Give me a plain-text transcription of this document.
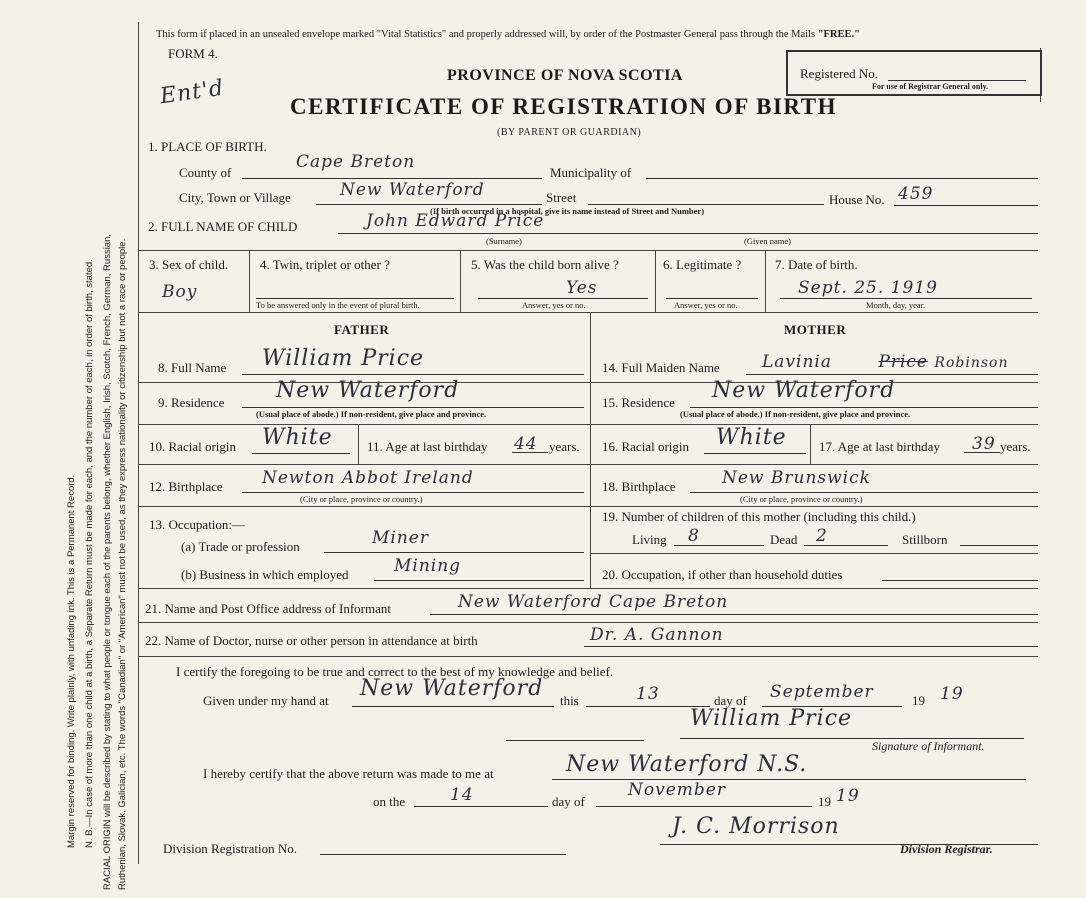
Margin reserved for binding. Write plainly, with unfading ink. This is a Permanent Record. N. B.—In case of more than one child at a birth, a Separate Return must be made for each, and the number of each, in order of birth, stated. RACIAL ORIGIN will be described by stating to what people or tongue each of the parents belong, whether English, Irish, Scotch, French, German, Russian, Ruthenian, Slovak, Galician, etc. The words "Canadian" or "American" must not be used, as they express nationality or citizenship but not a race or people.
This form if placed in an unsealed envelope marked "Vital Statistics" and properly addressed will, by order of the Postmaster General pass through the Mails "FREE."
FORM 4.
Ent'd
PROVINCE OF NOVA SCOTIA
CERTIFICATE OF REGISTRATION OF BIRTH
(BY PARENT OR GUARDIAN)
Registered No.
For use of Registrar General only.
1. PLACE OF BIRTH.
County of
Cape Breton
Municipality of
City, Town or Village	New Waterford	Street
(If birth occurred in a hospital, give its name instead of Street and Number)
House No. 459
2. FULL NAME OF CHILD	John Edward Price
(Surname)	(Given name)
3. Sex of child.
Boy
4. Twin, triplet or other ?
To be answered only in the event of plural birth.
5. Was the child born alive ?
Yes
Answer, yes or no.
6. Legitimate ?
Answer, yes or no.
7. Date of birth.
Sept. 25. 1919
Month, day, year.
FATHER	MOTHER
8. Full Name William Price
9. Residence New Waterford
(Usual place of abode.) If non-resident, give place and province.
10. Racial origin White	11. Age at last birthday 44 years.
12. Birthplace Newton Abbot Ireland
(City or place, province or country.)
13. Occupation:—
(a) Trade or profession	Miner
(b) Business in which employed	Mining
14. Full Maiden Name Lavinia	Price Robinson
15. Residence New Waterford
(Usual place of abode.) If non-resident, give place and province.
16. Racial origin White 17. Age at last birthday 39 years.
18. Birthplace	New Brunswick
(City or place, province or country.)
19. Number of children of this mother (including this child.)
Living 8	Dead 2	Stillborn
20. Occupation, if other than household duties
21. Name and Post Office address of Informant	New Waterford Cape Breton
22. Name of Doctor, nurse or other person in attendance at birth	Dr. A. Gannon
I certify the foregoing to be true and correct to the best of my knowledge and belief.
Given under my hand at New Waterford this	13	day of September	19 19
William Price
Signature of Informant.
I hereby certify that the above return was made to me at	New Waterford N.S.
on the	14	day of
November
19 19
Division Registration No.
J. C. Morrison
Division Registrar.
